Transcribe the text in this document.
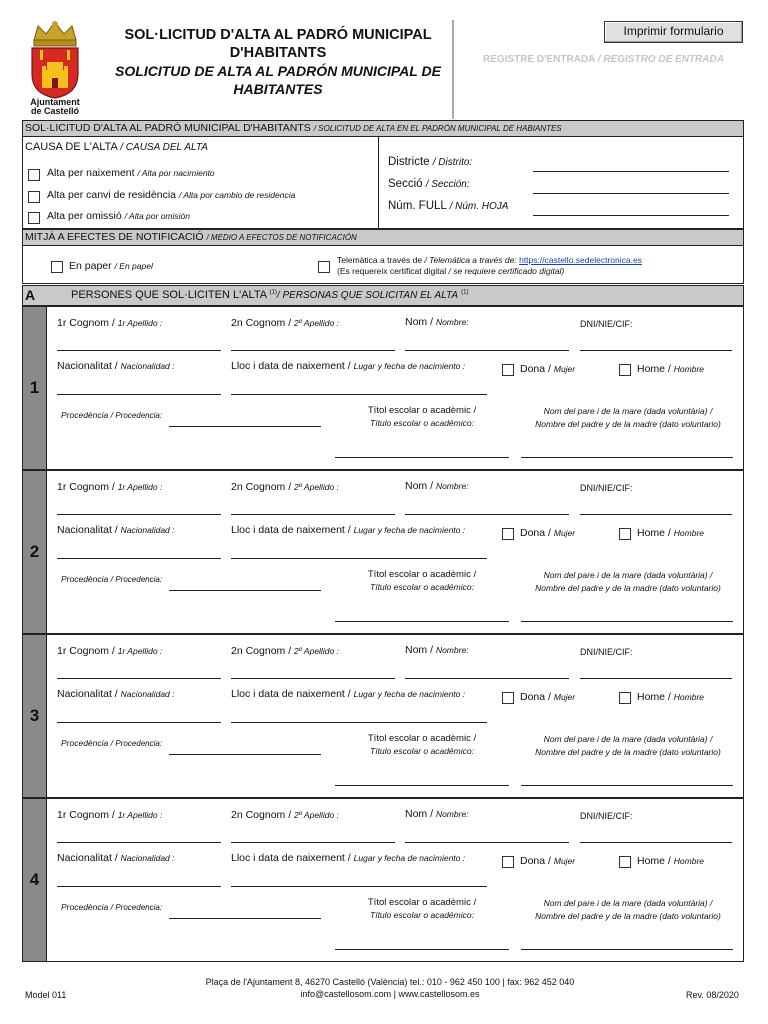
Ajuntament
de Castelló
SOL·LICITUD D'ALTA AL PADRÓ MUNICIPAL D'HABITANTS
SOLICITUD DE ALTA AL PADRÓN MUNICIPAL DE HABITANTES
Imprimir formulario
REGISTRE D'ENTRADA / REGISTRO DE ENTRADA
SOL·LICITUD D'ALTA AL PADRÓ MUNICIPAL D'HABITANTS / SOLICITUD DE ALTA EN EL PADRÓN MUNICIPAL DE HABIANTES
CAUSA DE L'ALTA / CAUSA DEL ALTA
Alta per naixement / Alta por nacimiento
Alta per canvi de residència / Alta por cambio de residencia
Alta per omissió / Alta por omisión
Districte / Distrito:
Secció / Sección:
Núm. FULL / Núm. HOJA
MITJÀ A EFECTES DE NOTIFICACIÓ / MEDIO A EFECTOS DE NOTIFICACIÓN
En paper / En papel
Telemàtica a través de / Telemática a través de: https://castello.sedelectronica.es
(Es requereix certificat digital / se requiere certificado digital)
A	PERSONES QUE SOL·LICITEN L'ALTA $^{(1)}$/ PERSONAS QUE SOLICITAN EL ALTA $^{(1)}$
1
1r Cognom / 1r Apellido :	2n Cognom / 2º Apellido :	Nom / Nombre:	DNI/NIE/CIF:
Nacionalitat / Nacionalidad :	Lloc i data de naixement / Lugar y fecha de nacimiento :	Dona / Mujer	Home / Hombre
Procedència / Procedencia:	Títol escolar o acadèmic /
Título escolar o académico:
Nom del pare i de la mare (dada voluntària) /
Nombre del padre y de la madre (dato voluntario)
2
1r Cognom / 1r Apellido :	2n Cognom / 2º Apellido :	Nom / Nombre:	DNI/NIE/CIF:
Nacionalitat / Nacionalidad :	Lloc i data de naixement / Lugar y fecha de nacimiento :	Dona / Mujer	Home / Hombre
Procedència / Procedencia:	Títol escolar o acadèmic /
Título escolar o académico:
Nom del pare i de la mare (dada voluntària) /
Nombre del padre y de la madre (dato voluntario)
3
1r Cognom / 1r Apellido :	2n Cognom / 2º Apellido :	Nom / Nombre:	DNI/NIE/CIF:
Nacionalitat / Nacionalidad :	Lloc i data de naixement / Lugar y fecha de nacimiento :	Dona / Mujer	Home / Hombre
Procedència / Procedencia:	Títol escolar o acadèmic /
Título escolar o académico:
Nom del pare i de la mare (dada voluntària) /
Nombre del padre y de la madre (dato voluntario)
4
1r Cognom / 1r Apellido :	2n Cognom / 2º Apellido :	Nom / Nombre:	DNI/NIE/CIF:
Nacionalitat / Nacionalidad :	Lloc i data de naixement / Lugar y fecha de nacimiento :	Dona / Mujer	Home / Hombre
Procedència / Procedencia:	Títol escolar o acadèmic /
Título escolar o académico:
Nom del pare i de la mare (dada voluntària) /
Nombre del padre y de la madre (dato voluntario)
Model 011
Plaça de l'Ajuntament 8, 46270 Castelló (València) tel.: 010 - 962 450 100 | fax: 962 452 040
info@castellosom.com | www.castellosom.es	Rev. 08/2020
